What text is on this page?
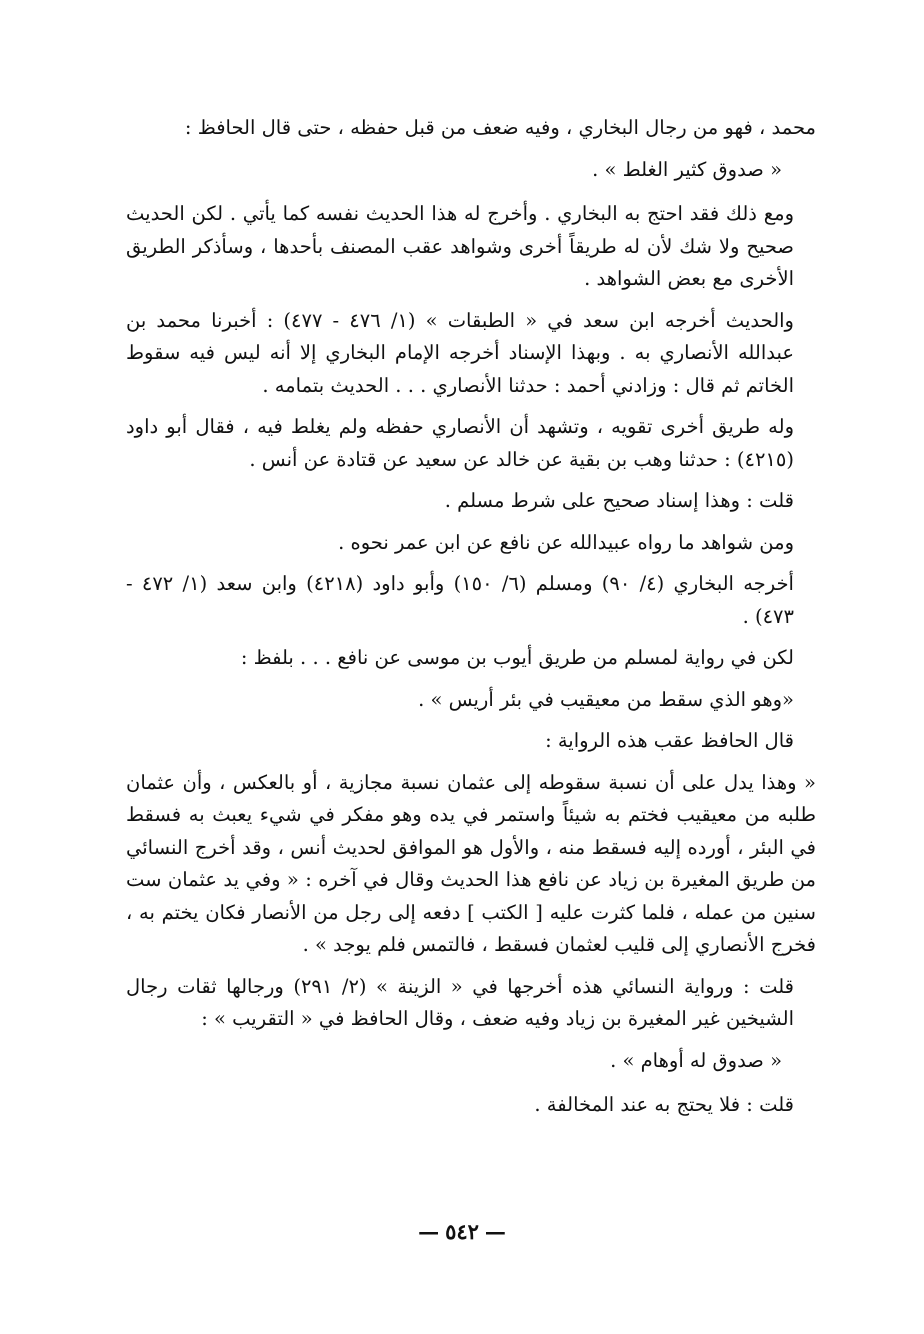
محمد ، فهو من رجال البخاري ، وفيه ضعف من قبل حفظه ، حتى قال الحافظ :

« صدوق كثير الغلط » .

ومع ذلك فقد احتج به البخاري . وأخرج له هذا الحديث نفسه كما يأتي . لكن الحديث صحيح ولا شك لأن له طريقاً أخرى وشواهد عقب المصنف بأحدها ، وسأذكر الطريق الأخرى مع بعض الشواهد .

والحديث أخرجه ابن سعد في « الطبقات » (١/ ٤٧٦ - ٤٧٧) : أخبرنا محمد بن عبدالله الأنصاري به . وبهذا الإسناد أخرجه الإمام البخاري إلا أنه ليس فيه سقوط الخاتم ثم قال : وزادني أحمد : حدثنا الأنصاري . . . الحديث بتمامه .

وله طريق أخرى تقويه ، وتشهد أن الأنصاري حفظه ولم يغلط فيه ، فقال أبو داود (٤٢١٥) : حدثنا وهب بن بقية عن خالد عن سعيد عن قتادة عن أنس .

قلت : وهذا إسناد صحيح على شرط مسلم .

ومن شواهد ما رواه عبيدالله عن نافع عن ابن عمر نحوه .

أخرجه البخاري (٤/ ٩٠) ومسلم (٦/ ١٥٠) وأبو داود (٤٢١٨) وابن سعد (١/ ٤٧٢ - ٤٧٣) .

لكن في رواية لمسلم من طريق أيوب بن موسى عن نافع . . . بلفظ :

«وهو الذي سقط من معيقيب في بئر أريس » .

قال الحافظ عقب هذه الرواية :

« وهذا يدل على أن نسبة سقوطه إلى عثمان نسبة مجازية ، أو بالعكس ، وأن عثمان طلبه من معيقيب فختم به شيئاً واستمر في يده وهو مفكر في شيء يعبث به فسقط في البئر ، أورده إليه فسقط منه ، والأول هو الموافق لحديث أنس ، وقد أخرج النسائي من طريق المغيرة بن زياد عن نافع هذا الحديث وقال في آخره : « وفي يد عثمان ست سنين من عمله ، فلما كثرت عليه [ الكتب ] دفعه إلى رجل من الأنصار فكان يختم به ، فخرج الأنصاري إلى قليب لعثمان فسقط ، فالتمس فلم يوجد » .

قلت : ورواية النسائي هذه أخرجها في « الزينة » (٢/ ٢٩١) ورجالها ثقات رجال الشيخين غير المغيرة بن زياد وفيه ضعف ، وقال الحافظ في « التقريب » :

« صدوق له أوهام » .

قلت : فلا يحتج به عند المخالفة .

—٥٤٢—
